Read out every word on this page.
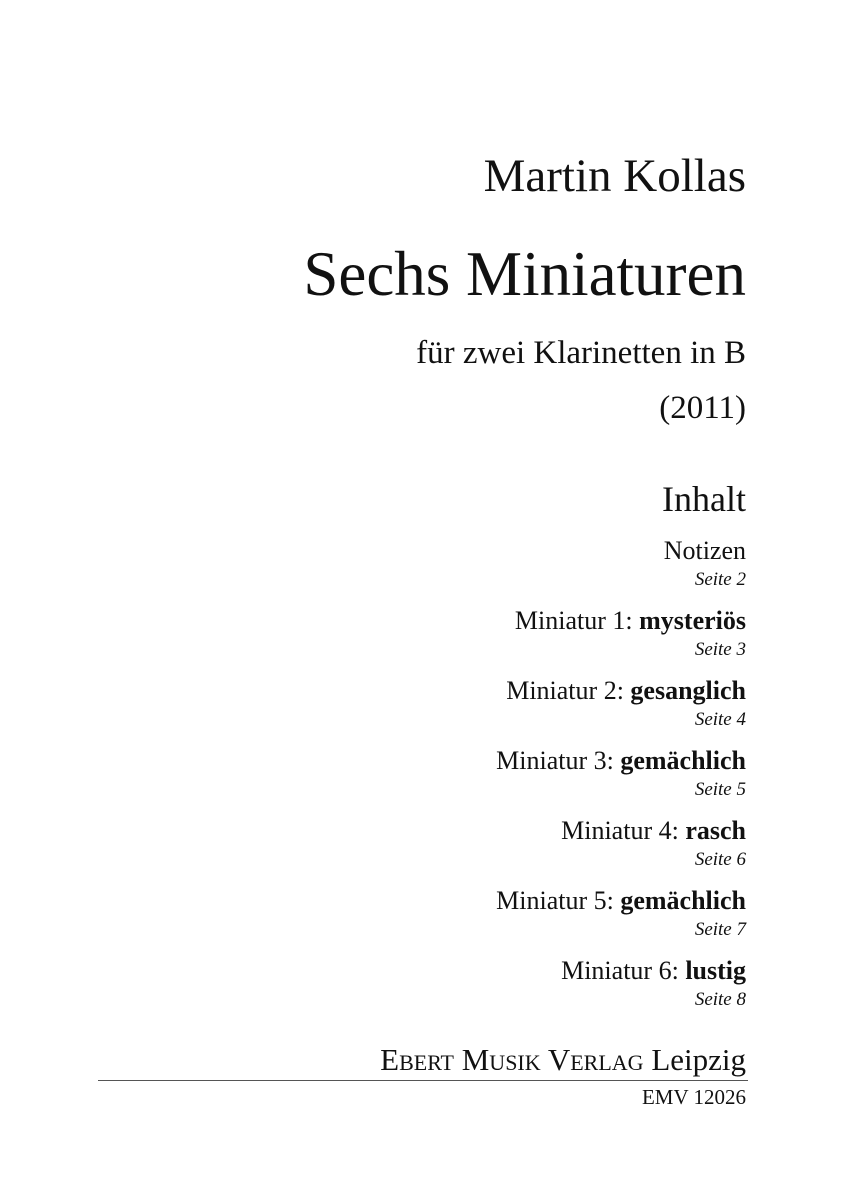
Martin Kollas
Sechs Miniaturen
für zwei Klarinetten in B
(2011)
Inhalt
Notizen
Seite 2
Miniatur 1: mysteriös
Seite 3
Miniatur 2: gesanglich
Seite 4
Miniatur 3: gemächlich
Seite 5
Miniatur 4: rasch
Seite 6
Miniatur 5: gemächlich
Seite 7
Miniatur 6: lustig
Seite 8
Ebert Musik Verlag Leipzig
EMV 12026
